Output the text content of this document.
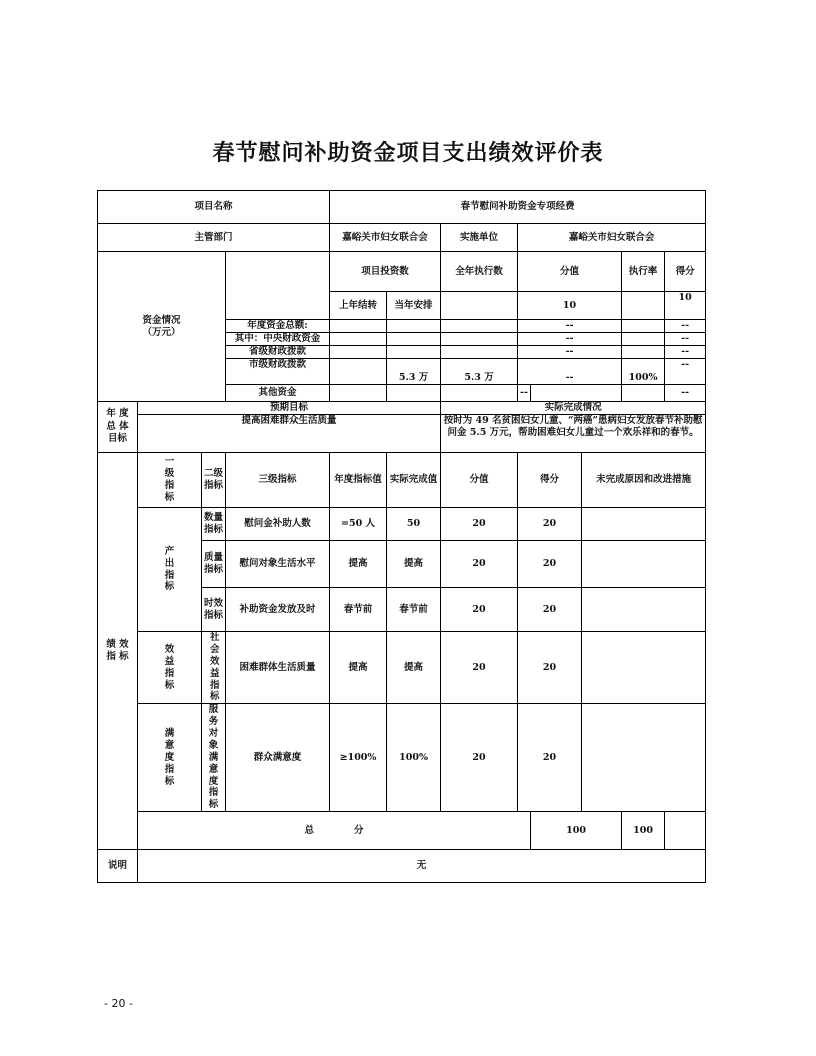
春节慰问补助资金项目支出绩效评价表
项目名称				春节慰问补助资金专项经费							
主管部门				嘉峪关市妇女联合会		实施单位	嘉峪关市妇女联合会				
资金情况
（万元）				项目投资数		全年执行数	分值			执行率	得分
				上年结转	当年安排		10				10
			年度资金总额:				--				--
			其中：中央财政资金				--				--
			省级财政拨款				--				--
			市级财政拨款		5.3 万	5.3 万	--			100%	--
			其他资金				--				--
年 度 总 体 目标	预期目标					实际完成情况					
	提高困难群众生活质量					按时为 49 名贫困妇女儿童、“两癌”患病妇女发放春节补助慰问金 5.5 万元，帮助困难妇女儿童过一个欢乐祥和的春节。					
绩 效 指 标	一 级 指 标	二级指标	三级指标	年度指标值	实际完成值	分值	得分		未完成原因和改进措施		

	产 出 指 标	数量指标	慰问金补助人数	=50 人	50	20	20				
		质量指标	慰问对象生活水平	提高	提高	20	20				
		时效指标	补助资金发放及时	春节前	春节前	20	20				

	效 益 指 标	社会效益指标	困难群体生活质量	提高	提高	20	20				

	满 意 度 指 标	服务对象满意度指标	群众满意度	≥100%	100%	20	20				
	总 分							100		100	
说明	无										
- 20 -
